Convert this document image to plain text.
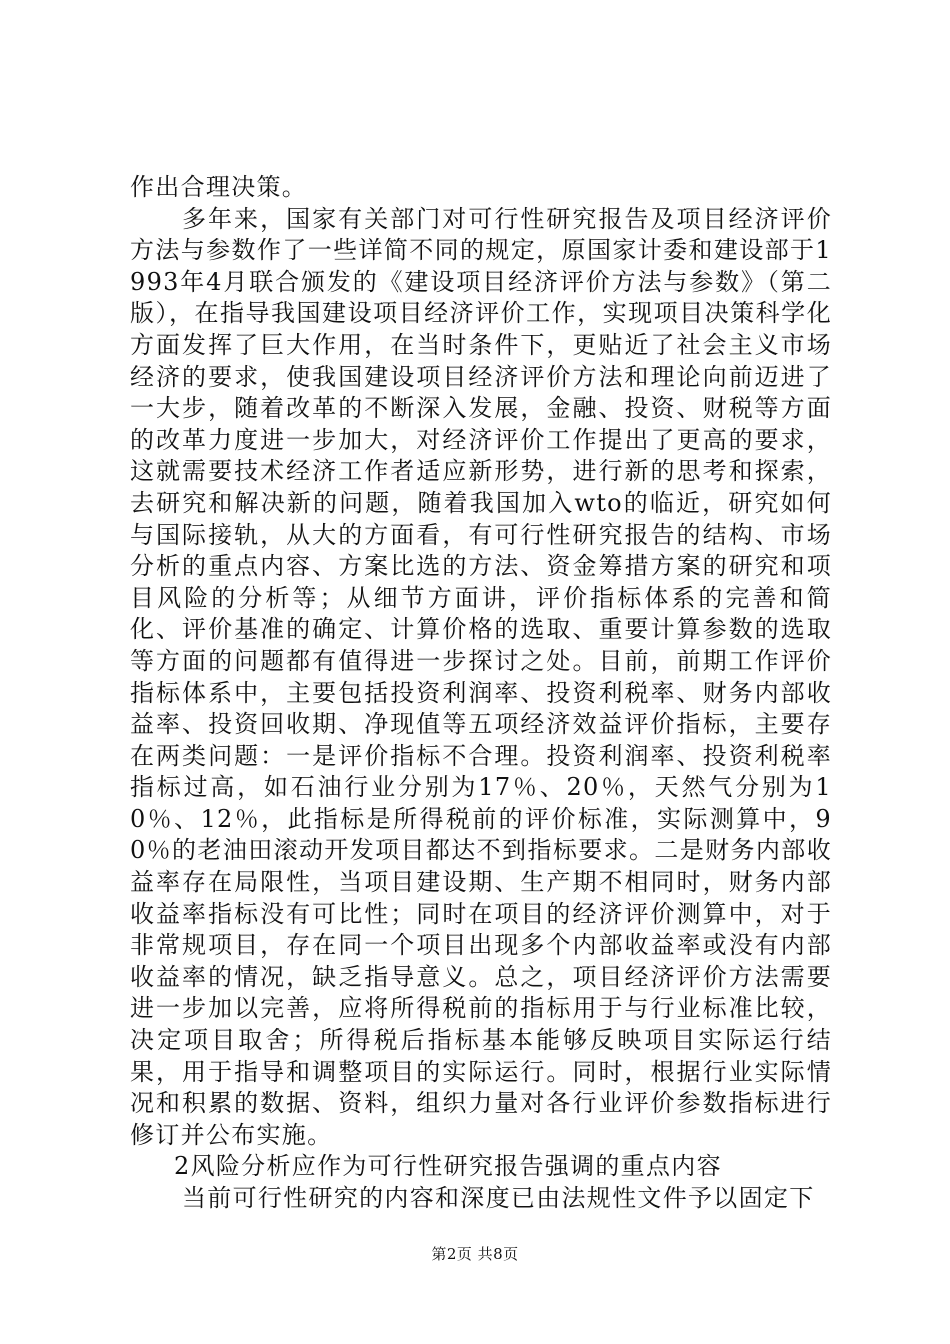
作出合理决策。

多年来，国家有关部门对可行性研究报告及项目经济评价方法与参数作了一些详简不同的规定，原国家计委和建设部于1993年4月联合颁发的《建设项目经济评价方法与参数》（第二版），在指导我国建设项目经济评价工作，实现项目决策科学化方面发挥了巨大作用，在当时条件下，更贴近了社会主义市场经济的要求，使我国建设项目经济评价方法和理论向前迈进了一大步，随着改革的不断深入发展，金融、投资、财税等方面的改革力度进一步加大，对经济评价工作提出了更高的要求，这就需要技术经济工作者适应新形势，进行新的思考和探索，去研究和解决新的问题，随着我国加入wto的临近，研究如何与国际接轨，从大的方面看，有可行性研究报告的结构、市场分析的重点内容、方案比选的方法、资金筹措方案的研究和项目风险的分析等；从细节方面讲，评价指标体系的完善和简化、评价基准的确定、计算价格的选取、重要计算参数的选取等方面的问题都有值得进一步探讨之处。目前，前期工作评价指标体系中，主要包括投资利润率、投资利税率、财务内部收益率、投资回收期、净现值等五项经济效益评价指标，主要存在两类问题：一是评价指标不合理。投资利润率、投资利税率指标过高，如石油行业分别为17％、20％，天然气分别为10％、12％，此指标是所得税前的评价标准，实际测算中，90％的老油田滚动开发项目都达不到指标要求。二是财务内部收益率存在局限性，当项目建设期、生产期不相同时，财务内部收益率指标没有可比性；同时在项目的经济评价测算中，对于非常规项目，存在同一个项目出现多个内部收益率或没有内部收益率的情况，缺乏指导意义。总之，项目经济评价方法需要进一步加以完善，应将所得税前的指标用于与行业标准比较，决定项目取舍；所得税后指标基本能够反映项目实际运行结果，用于指导和调整项目的实际运行。同时，根据行业实际情况和积累的数据、资料，组织力量对各行业评价参数指标进行修订并公布实施。

2风险分析应作为可行性研究报告强调的重点内容

当前可行性研究的内容和深度已由法规性文件予以固定下

第2页 共8页
